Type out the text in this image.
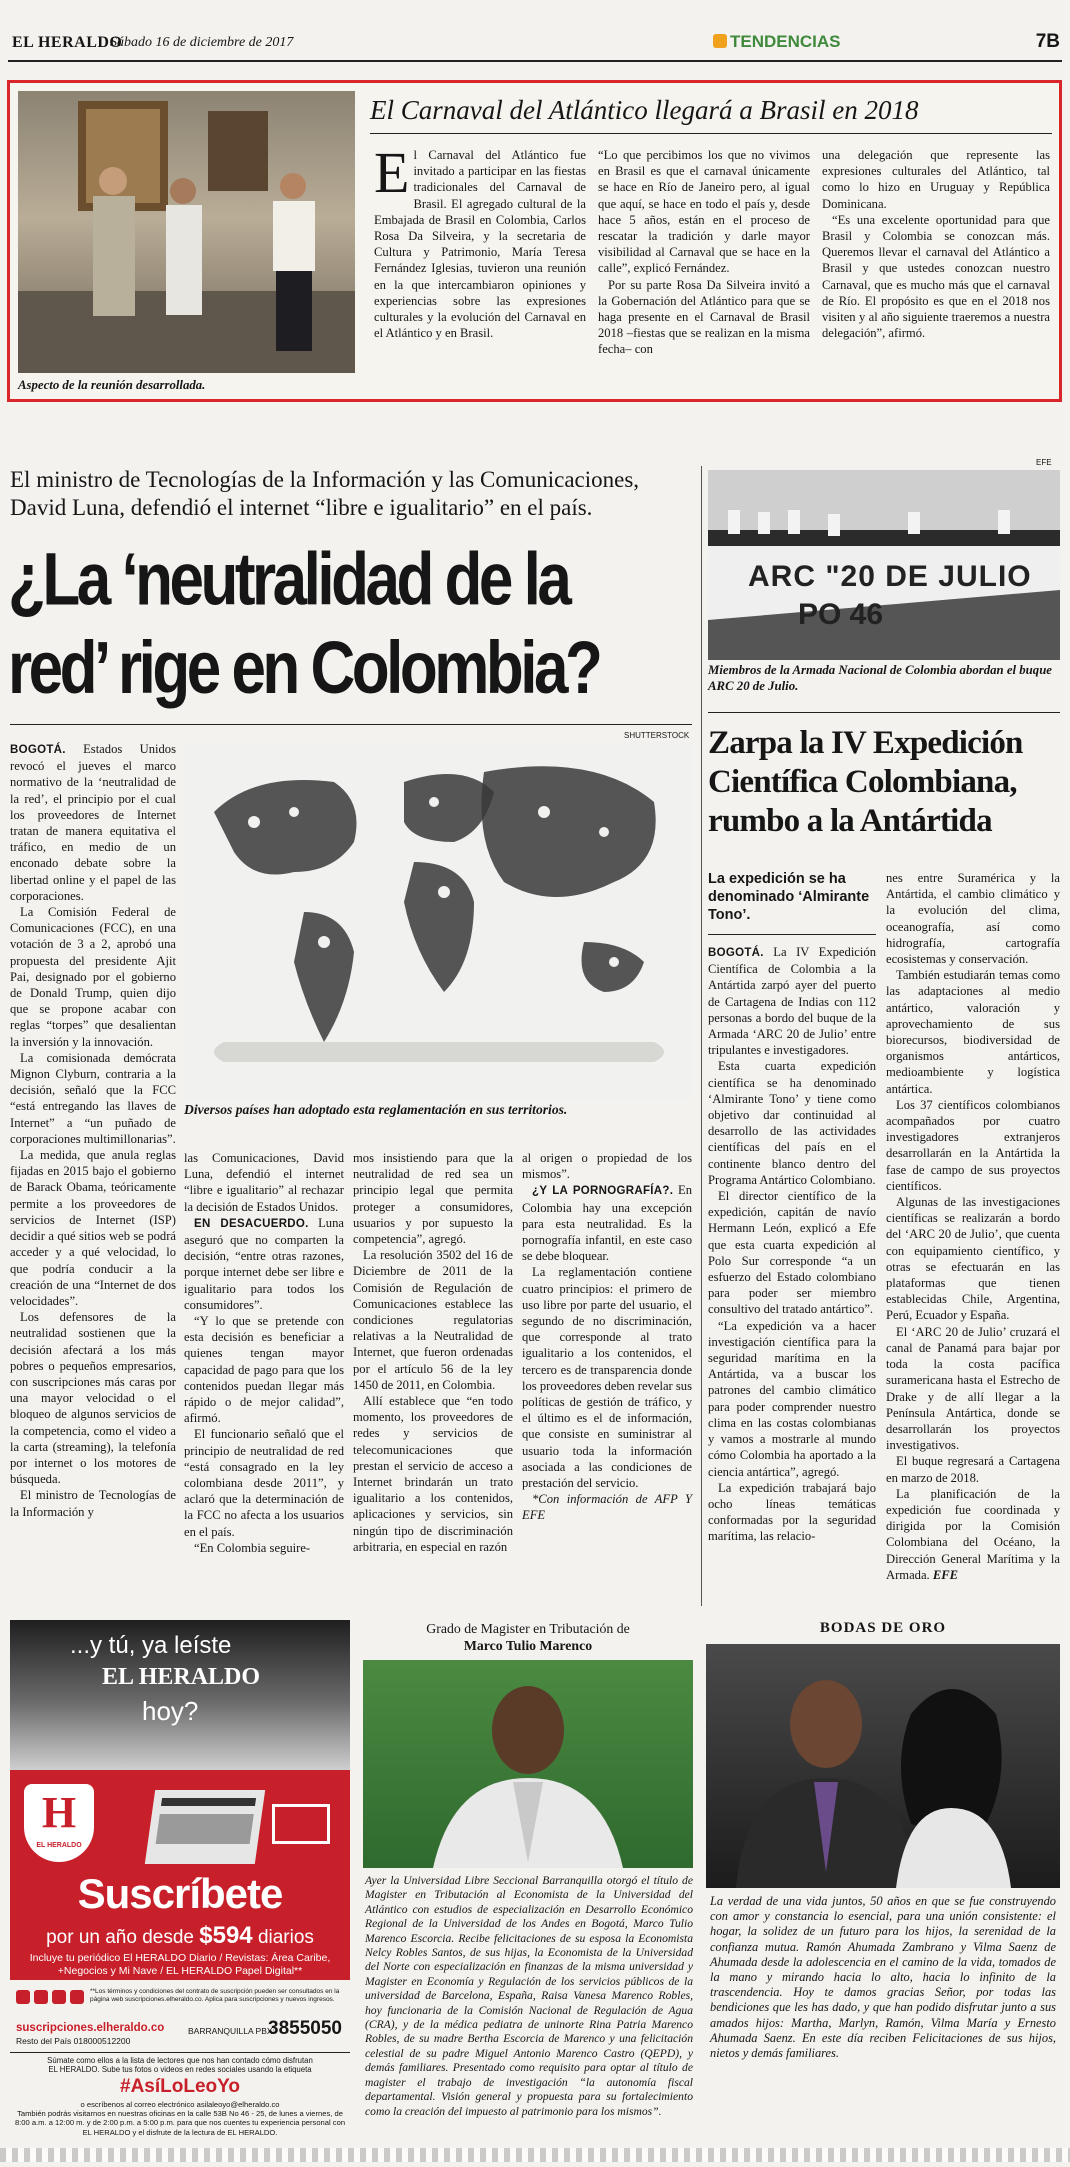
EL HERALDO
Sábado 16 de diciembre de 2017	TENDENCIAS	7B
Aspecto de la reunión desarrollada.
El Carnaval del Atlántico llegará a Brasil en 2018
El Carnaval del Atlántico fue invitado a participar en las fiestas tradicionales del Carnaval de Brasil. El agregado cultural de la Embajada de Brasil en Colombia, Carlos Rosa Da Silveira, y la secretaria de Cultura y Patrimonio, María Teresa Fernández Iglesias, tuvieron una reunión en la que intercambiaron opiniones y experiencias sobre las expresiones culturales y la evolución del Carnaval en el Atlántico y en Brasil.

“Lo que percibimos los que no vivimos en Brasil es que el carnaval únicamente se hace en Río de Janeiro pero, al igual que aquí, se hace en todo el país y, desde hace 5 años, están en el proceso de rescatar la tradición y darle mayor visibilidad al Carnaval que se hace en la calle”, explicó Fernández.

Por su parte Rosa Da Silveira invitó a la Gobernación del Atlántico para que se haga presente en el Carnaval de Brasil 2018 –fiestas que se realizan en la misma fecha– con

una delegación que represente las expresiones culturales del Atlántico, tal como lo hizo en Uruguay y República Dominicana.

“Es una excelente oportunidad para que Brasil y Colombia se conozcan más. Queremos llevar el carnaval del Atlántico a Brasil y que ustedes conozcan nuestro Carnaval, que es mucho más que el carnaval de Río. El propósito es que en el 2018 nos visiten y al año siguiente traeremos a nuestra delegación”, afirmó.

El ministro de Tecnologías de la Información y las Comunicaciones, David Luna, defendió el internet “libre e igualitario” en el país.
¿La ‘neutralidad de la
red’ rige en Colombia?
SHUTTERSTOCK
Diversos países han adoptado esta reglamentación en sus territorios.

BOGOTÁ. Estados Unidos revocó el jueves el marco normativo de la ‘neutralidad de la red’, el principio por el cual los proveedores de Internet tratan de manera equitativa el tráfico, en medio de un enconado debate sobre la libertad online y el papel de las corporaciones.

La Comisión Federal de Comunicaciones (FCC), en una votación de 3 a 2, aprobó una propuesta del presidente Ajit Pai, designado por el gobierno de Donald Trump, quien dijo que se propone acabar con reglas “torpes” que desalientan la inversión y la innovación.

La comisionada demócrata Mignon Clyburn, contraria a la decisión, señaló que la FCC “está entregando las llaves de Internet” a “un puñado de corporaciones multimillonarias”.

La medida, que anula reglas fijadas en 2015 bajo el gobierno de Barack Obama, teóricamente permite a los proveedores de servicios de Internet (ISP) decidir a qué sitios web se podrá acceder y a qué velocidad, lo que podría conducir a la creación de una “Internet de dos velocidades”.

Los defensores de la neutralidad sostienen que la decisión afectará a los más pobres o pequeños empresarios, con suscripciones más caras por una mayor velocidad o el bloqueo de algunos servicios de la competencia, como el video a la carta (streaming), la telefonía por internet o los motores de búsqueda.

El ministro de Tecnologías de la Información y

las Comunicaciones, David Luna, defendió el internet “libre e igualitario” al rechazar la decisión de Estados Unidos.

EN DESACUERDO. Luna aseguró que no comparten la decisión, “entre otras razones, porque internet debe ser libre e igualitario para todos los consumidores”.

“Y lo que se pretende con esta decisión es beneficiar a quienes tengan mayor capacidad de pago para que los contenidos puedan llegar más rápido o de mejor calidad”, afirmó.

El funcionario señaló que el principio de neutralidad de red “está consagrado en la ley colombiana desde 2011”, y aclaró que la determinación de la FCC no afecta a los usuarios en el país.

“En Colombia seguire-

mos insistiendo para que la neutralidad de red sea un principio legal que permita proteger a consumidores, usuarios y por supuesto la competencia”, agregó.

La resolución 3502 del 16 de Diciembre de 2011 de la Comisión de Regulación de Comunicaciones establece las condiciones regulatorias relativas a la Neutralidad de Internet, que fueron ordenadas por el artículo 56 de la ley 1450 de 2011, en Colombia.

Allí establece que “en todo momento, los proveedores de redes y servicios de telecomunicaciones que prestan el servicio de acceso a Internet brindarán un trato igualitario a los contenidos, aplicaciones y servicios, sin ningún tipo de discriminación arbitraria, en especial en razón

al origen o propiedad de los mismos”.

¿Y LA PORNOGRAFÍA?. En Colombia hay una excepción para esta neutralidad. Es la pornografía infantil, en este caso se debe bloquear.

La reglamentación contiene cuatro principios: el primero de uso libre por parte del usuario, el segundo de no discriminación, que corresponde al trato igualitario a los contenidos, el tercero es de transparencia donde los proveedores deben revelar sus políticas de gestión de tráfico, y el último es el de información, que consiste en suministrar al usuario toda la información asociada a las condiciones de prestación del servicio.

*Con información de AFP Y EFE

EFE
ARC "20 DE JULIO
PO 46
Miembros de la Armada Nacional de Colombia abordan el buque ARC 20 de Julio.
Zarpa la IV Expedición Científica Colombiana, rumbo a la Antártida
La expedición se ha denominado ‘Almirante Tono’.

BOGOTÁ. La IV Expedición Científica de Colombia a la Antártida zarpó ayer del puerto de Cartagena de Indias con 112 personas a bordo del buque de la Armada ‘ARC 20 de Julio’ entre tripulantes e investigadores.

Esta cuarta expedición científica se ha denominado ‘Almirante Tono’ y tiene como objetivo dar continuidad al desarrollo de las actividades científicas del país en el continente blanco dentro del Programa Antártico Colombiano.

El director científico de la expedición, capitán de navío Hermann León, explicó a Efe que esta cuarta expedición al Polo Sur corresponde “a un esfuerzo del Estado colombiano para poder ser miembro consultivo del tratado antártico”.

“La expedición va a hacer investigación científica para la seguridad marítima en la Antártida, va a buscar los patrones del cambio climático para poder comprender nuestro clima en las costas colombianas y vamos a mostrarle al mundo cómo Colombia ha aportado a la ciencia antártica”, agregó.

La expedición trabajará bajo ocho líneas temáticas conformadas por la seguridad marítima, las relacio-

nes entre Suramérica y la Antártida, el cambio climático y la evolución del clima, oceanografía, así como hidrografía, cartografía ecosistemas y conservación.

También estudiarán temas como las adaptaciones al medio antártico, valoración y aprovechamiento de sus biorecursos, biodiversidad de organismos antárticos, medioambiente y logística antártica.

Los 37 científicos colombianos acompañados por cuatro investigadores extranjeros desarrollarán en la Antártida la fase de campo de sus proyectos científicos.

Algunas de las investigaciones científicas se realizarán a bordo del ‘ARC 20 de Julio’, que cuenta con equipamiento científico, y otras se efectuarán en las plataformas que tienen establecidas Chile, Argentina, Perú, Ecuador y España.

El ‘ARC 20 de Julio’ cruzará el canal de Panamá para bajar por toda la costa pacífica suramericana hasta el Estrecho de Drake y de allí llegar a la Península Antártica, donde se desarrollarán los proyectos investigativos.

El buque regresará a Cartagena en marzo de 2018.

La planificación de la expedición fue coordinada y dirigida por la Comisión Colombiana del Océano, la Dirección General Marítima y la Armada. EFE

...y tú, ya leíste
EL HERALDO
hoy?
H
EL HERALDO
Suscríbete
por un año desde $594 diarios
Incluye tu periódico El HERALDO Diario / Revistas: Área Caribe,
+Negocios y Mi Nave / EL HERALDO Papel Digital**
**Los términos y condiciones del contrato de suscripción pueden ser consultados en la página web suscripciones.elheraldo.co. Aplica para suscripciones y nuevos ingresos.
suscripciones.elheraldo.co
Resto del País 018000512200
BARRANQUILLA PBX:
3855050
Súmate como ellos a la lista de lectores que nos han contado cómo disfrutan
EL HERALDO. Sube tus fotos o videos en redes sociales usando la etiqueta
#AsíLoLeoYo
o escríbenos al correo electrónico asilaleoyo@elheraldo.co
También podrás visitarnos en nuestras oficinas en la calle 53B No 46 - 25, de lunes a viernes, de 8:00 a.m. a 12:00 m. y de 2:00 p.m. a 5:00 p.m. para que nos cuentes tu experiencia personal con EL HERALDO y el disfrute de la lectura de EL HERALDO.
Grado de Magister en Tributación de
Marco Tulio Marenco
Ayer la Universidad Libre Seccional Barranquilla otorgó el título de Magister en Tributación al Economista de la Universidad del Atlántico con estudios de especialización en Desarrollo Económico Regional de la Universidad de los Andes en Bogotá, Marco Tulio Marenco Escorcia. Recibe felicitaciones de su esposa la Economista Nelcy Robles Santos, de sus hijas, la Economista de la Universidad del Norte con especialización en finanzas de la misma universidad y Magister en Economía y Regulación de los servicios públicos de la universidad de Barcelona, España, Raisa Vanesa Marenco Robles, hoy funcionaria de la Comisión Nacional de Regulación de Agua (CRA), y de la médica pediatra de uninorte Rina Patria Marenco Robles, de su madre Bertha Escorcia de Marenco y una felicitación celestial de su padre Miguel Antonio Marenco Castro (QEPD), y demás familiares. Presentado como requisito para optar al título de magister el trabajo de investigación “la autonomía fiscal departamental. Visión general y propuesta para su fortalecimiento como la creación del impuesto al patrimonio para los mismos”.
BODAS DE ORO
La verdad de una vida juntos, 50 años en que se fue construyendo con amor y constancia lo esencial, para una unión consistente: el hogar, la solidez de un futuro para los hijos, la serenidad de la confianza mutua. Ramón Ahumada Zambrano y Vilma Saenz de Ahumada desde la adolescencia en el camino de la vida, tomados de la mano y mirando hacia lo alto, hacia lo infinito de la trascendencia. Hoy te damos gracias Señor, por todas las bendiciones que les has dado, y que han podido disfrutar junto a sus amados hijos: Martha, Marlyn, Ramón, Vilma María y Ernesto Ahumada Saenz. En este día reciben Felicitaciones de sus hijos, nietos y demás familiares.
